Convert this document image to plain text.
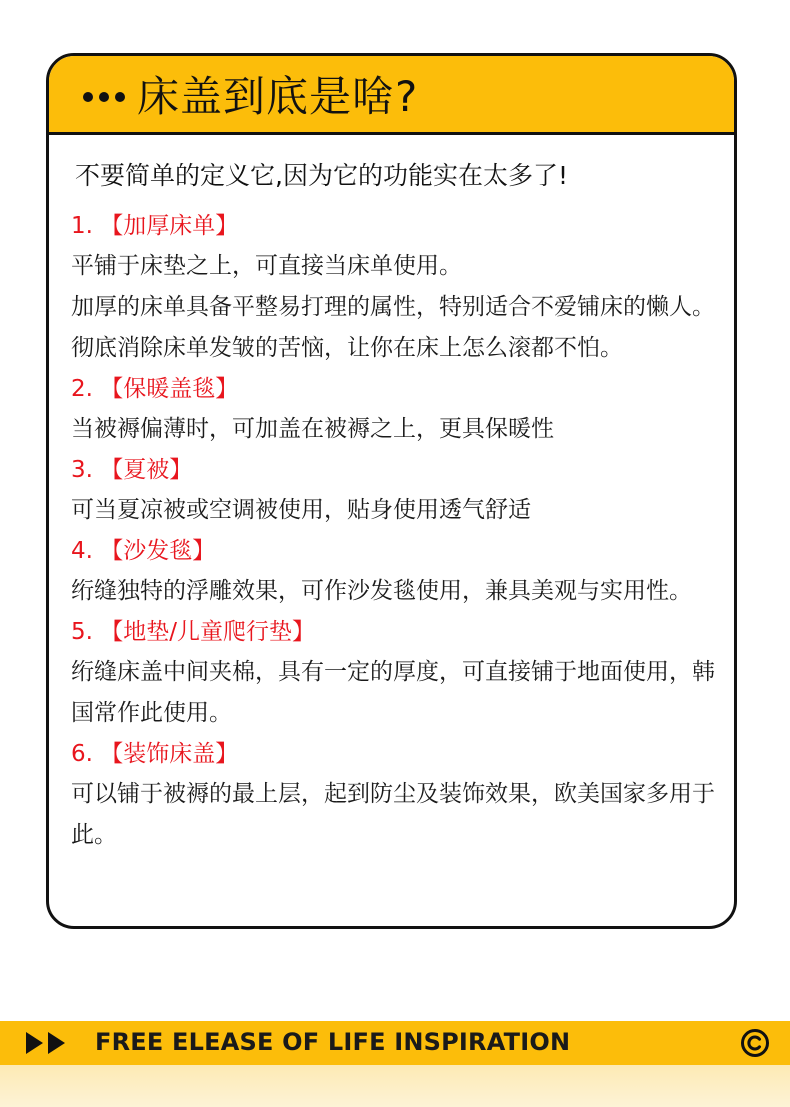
床盖到底是啥?
不要简单的定义它,因为它的功能实在太多了!
1. 【加厚床单】
平铺于床垫之上，可直接当床单使用。
加厚的床单具备平整易打理的属性，特别适合不爱铺床的懒人。彻底消除床单发皱的苦恼，让你在床上怎么滚都不怕。
2. 【保暖盖毯】
当被褥偏薄时，可加盖在被褥之上，更具保暖性
3. 【夏被】
可当夏凉被或空调被使用，贴身使用透气舒适
4. 【沙发毯】
绗缝独特的浮雕效果，可作沙发毯使用，兼具美观与实用性。
5. 【地垫/儿童爬行垫】
绗缝床盖中间夹棉，具有一定的厚度，可直接铺于地面使用，韩国常作此使用。
6. 【装饰床盖】
可以铺于被褥的最上层，起到防尘及装饰效果，欧美国家多用于此。
FREE ELEASE OF LIFE INSPIRATION
